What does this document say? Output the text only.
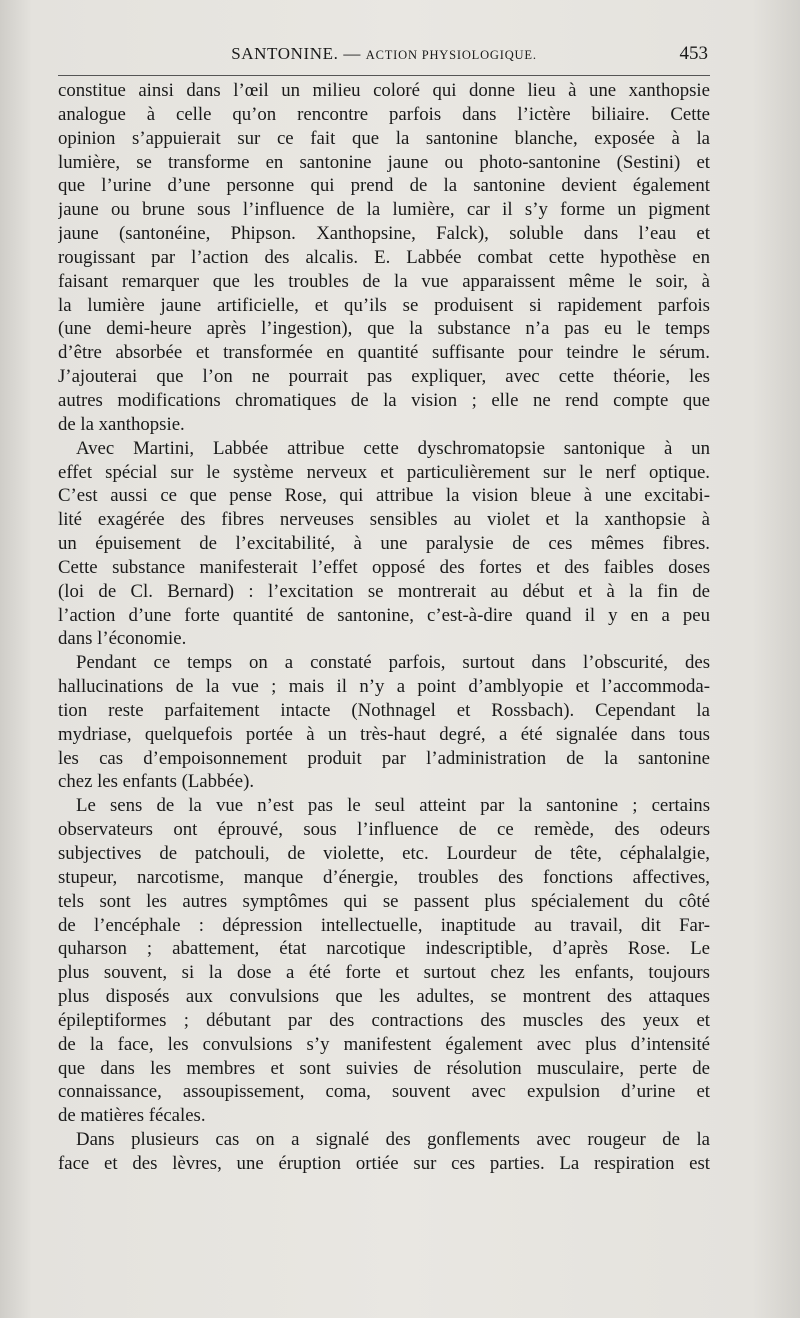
SANTONINE. — ACTION PHYSIOLOGIQUE.	453
constitue ainsi dans l’œil un milieu coloré qui donne lieu à une xanthopsie
analogue à celle qu’on rencontre parfois dans l’ictère biliaire. Cette
opinion s’appuierait sur ce fait que la santonine blanche, exposée à la
lumière, se transforme en santonine jaune ou photo-santonine (Sestini) et
que l’urine d’une personne qui prend de la santonine devient également
jaune ou brune sous l’influence de la lumière, car il s’y forme un pigment
jaune (santonéine, Phipson. Xanthopsine, Falck), soluble dans l’eau et
rougissant par l’action des alcalis. E. Labbée combat cette hypothèse en
faisant remarquer que les troubles de la vue apparaissent même le soir, à
la lumière jaune artificielle, et qu’ils se produisent si rapidement parfois
(une demi-heure après l’ingestion), que la substance n’a pas eu le temps
d’être absorbée et transformée en quantité suffisante pour teindre le sérum.
J’ajouterai que l’on ne pourrait pas expliquer, avec cette théorie, les
autres modifications chromatiques de la vision ; elle ne rend compte que
de la xanthopsie.
Avec Martini, Labbée attribue cette dyschromatopsie santonique à un
effet spécial sur le système nerveux et particulièrement sur le nerf optique.
C’est aussi ce que pense Rose, qui attribue la vision bleue à une excitabi-
lité exagérée des fibres nerveuses sensibles au violet et la xanthopsie à
un épuisement de l’excitabilité, à une paralysie de ces mêmes fibres.
Cette substance manifesterait l’effet opposé des fortes et des faibles doses
(loi de Cl. Bernard) : l’excitation se montrerait au début et à la fin de
l’action d’une forte quantité de santonine, c’est-à-dire quand il y en a peu
dans l’économie.
Pendant ce temps on a constaté parfois, surtout dans l’obscurité, des
hallucinations de la vue ; mais il n’y a point d’amblyopie et l’accommoda-
tion reste parfaitement intacte (Nothnagel et Rossbach). Cependant la
mydriase, quelquefois portée à un très-haut degré, a été signalée dans tous
les cas d’empoisonnement produit par l’administration de la santonine
chez les enfants (Labbée).
Le sens de la vue n’est pas le seul atteint par la santonine ; certains
observateurs ont éprouvé, sous l’influence de ce remède, des odeurs
subjectives de patchouli, de violette, etc. Lourdeur de tête, céphalalgie,
stupeur, narcotisme, manque d’énergie, troubles des fonctions affectives,
tels sont les autres symptômes qui se passent plus spécialement du côté
de l’encéphale : dépression intellectuelle, inaptitude au travail, dit Far-
quharson ; abattement, état narcotique indescriptible, d’après Rose. Le
plus souvent, si la dose a été forte et surtout chez les enfants, toujours
plus disposés aux convulsions que les adultes, se montrent des attaques
épileptiformes ; débutant par des contractions des muscles des yeux et
de la face, les convulsions s’y manifestent également avec plus d’intensité
que dans les membres et sont suivies de résolution musculaire, perte de
connaissance, assoupissement, coma, souvent avec expulsion d’urine et
de matières fécales.
Dans plusieurs cas on a signalé des gonflements avec rougeur de la
face et des lèvres, une éruption ortiée sur ces parties. La respiration est
